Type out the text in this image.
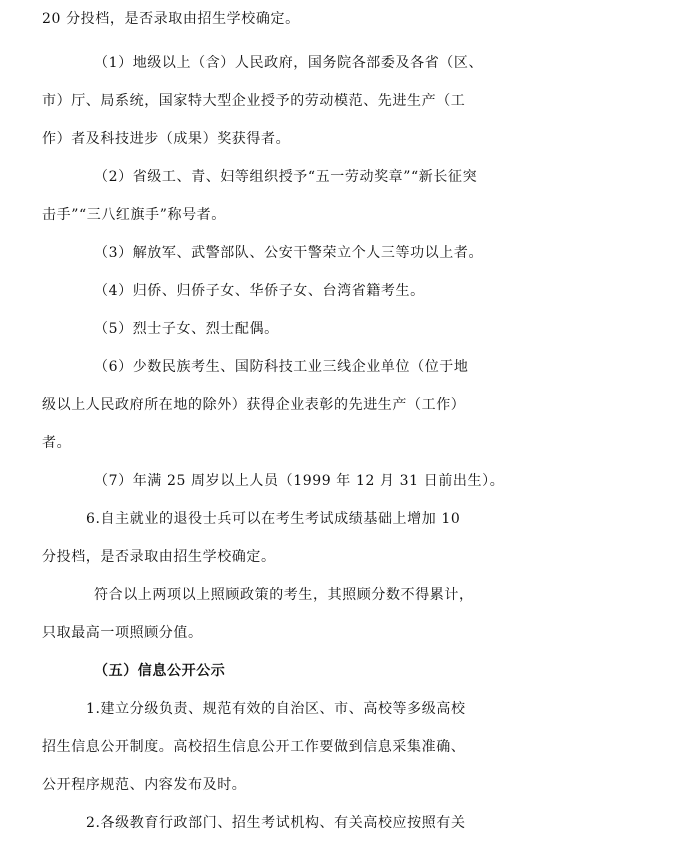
20 分投档，是否录取由招生学校确定。
（1）地级以上（含）人民政府，国务院各部委及各省（区、
市）厅、局系统，国家特大型企业授予的劳动模范、先进生产（工
作）者及科技进步（成果）奖获得者。
（2）省级工、青、妇等组织授予“五一劳动奖章”“新长征突
击手”“三八红旗手”称号者。
（3）解放军、武警部队、公安干警荣立个人三等功以上者。
（4）归侨、归侨子女、华侨子女、台湾省籍考生。
（5）烈士子女、烈士配偶。
（6）少数民族考生、国防科技工业三线企业单位（位于地
级以上人民政府所在地的除外）获得企业表彰的先进生产（工作）
者。
（7）年满 25 周岁以上人员（1999 年 12 月 31 日前出生）。
6.自主就业的退役士兵可以在考生考试成绩基础上增加 10
分投档，是否录取由招生学校确定。
符合以上两项以上照顾政策的考生，其照顾分数不得累计，
只取最高一项照顾分值。
（五）信息公开公示
1.建立分级负责、规范有效的自治区、市、高校等多级高校
招生信息公开制度。高校招生信息公开工作要做到信息采集准确、
公开程序规范、内容发布及时。
2.各级教育行政部门、招生考试机构、有关高校应按照有关
